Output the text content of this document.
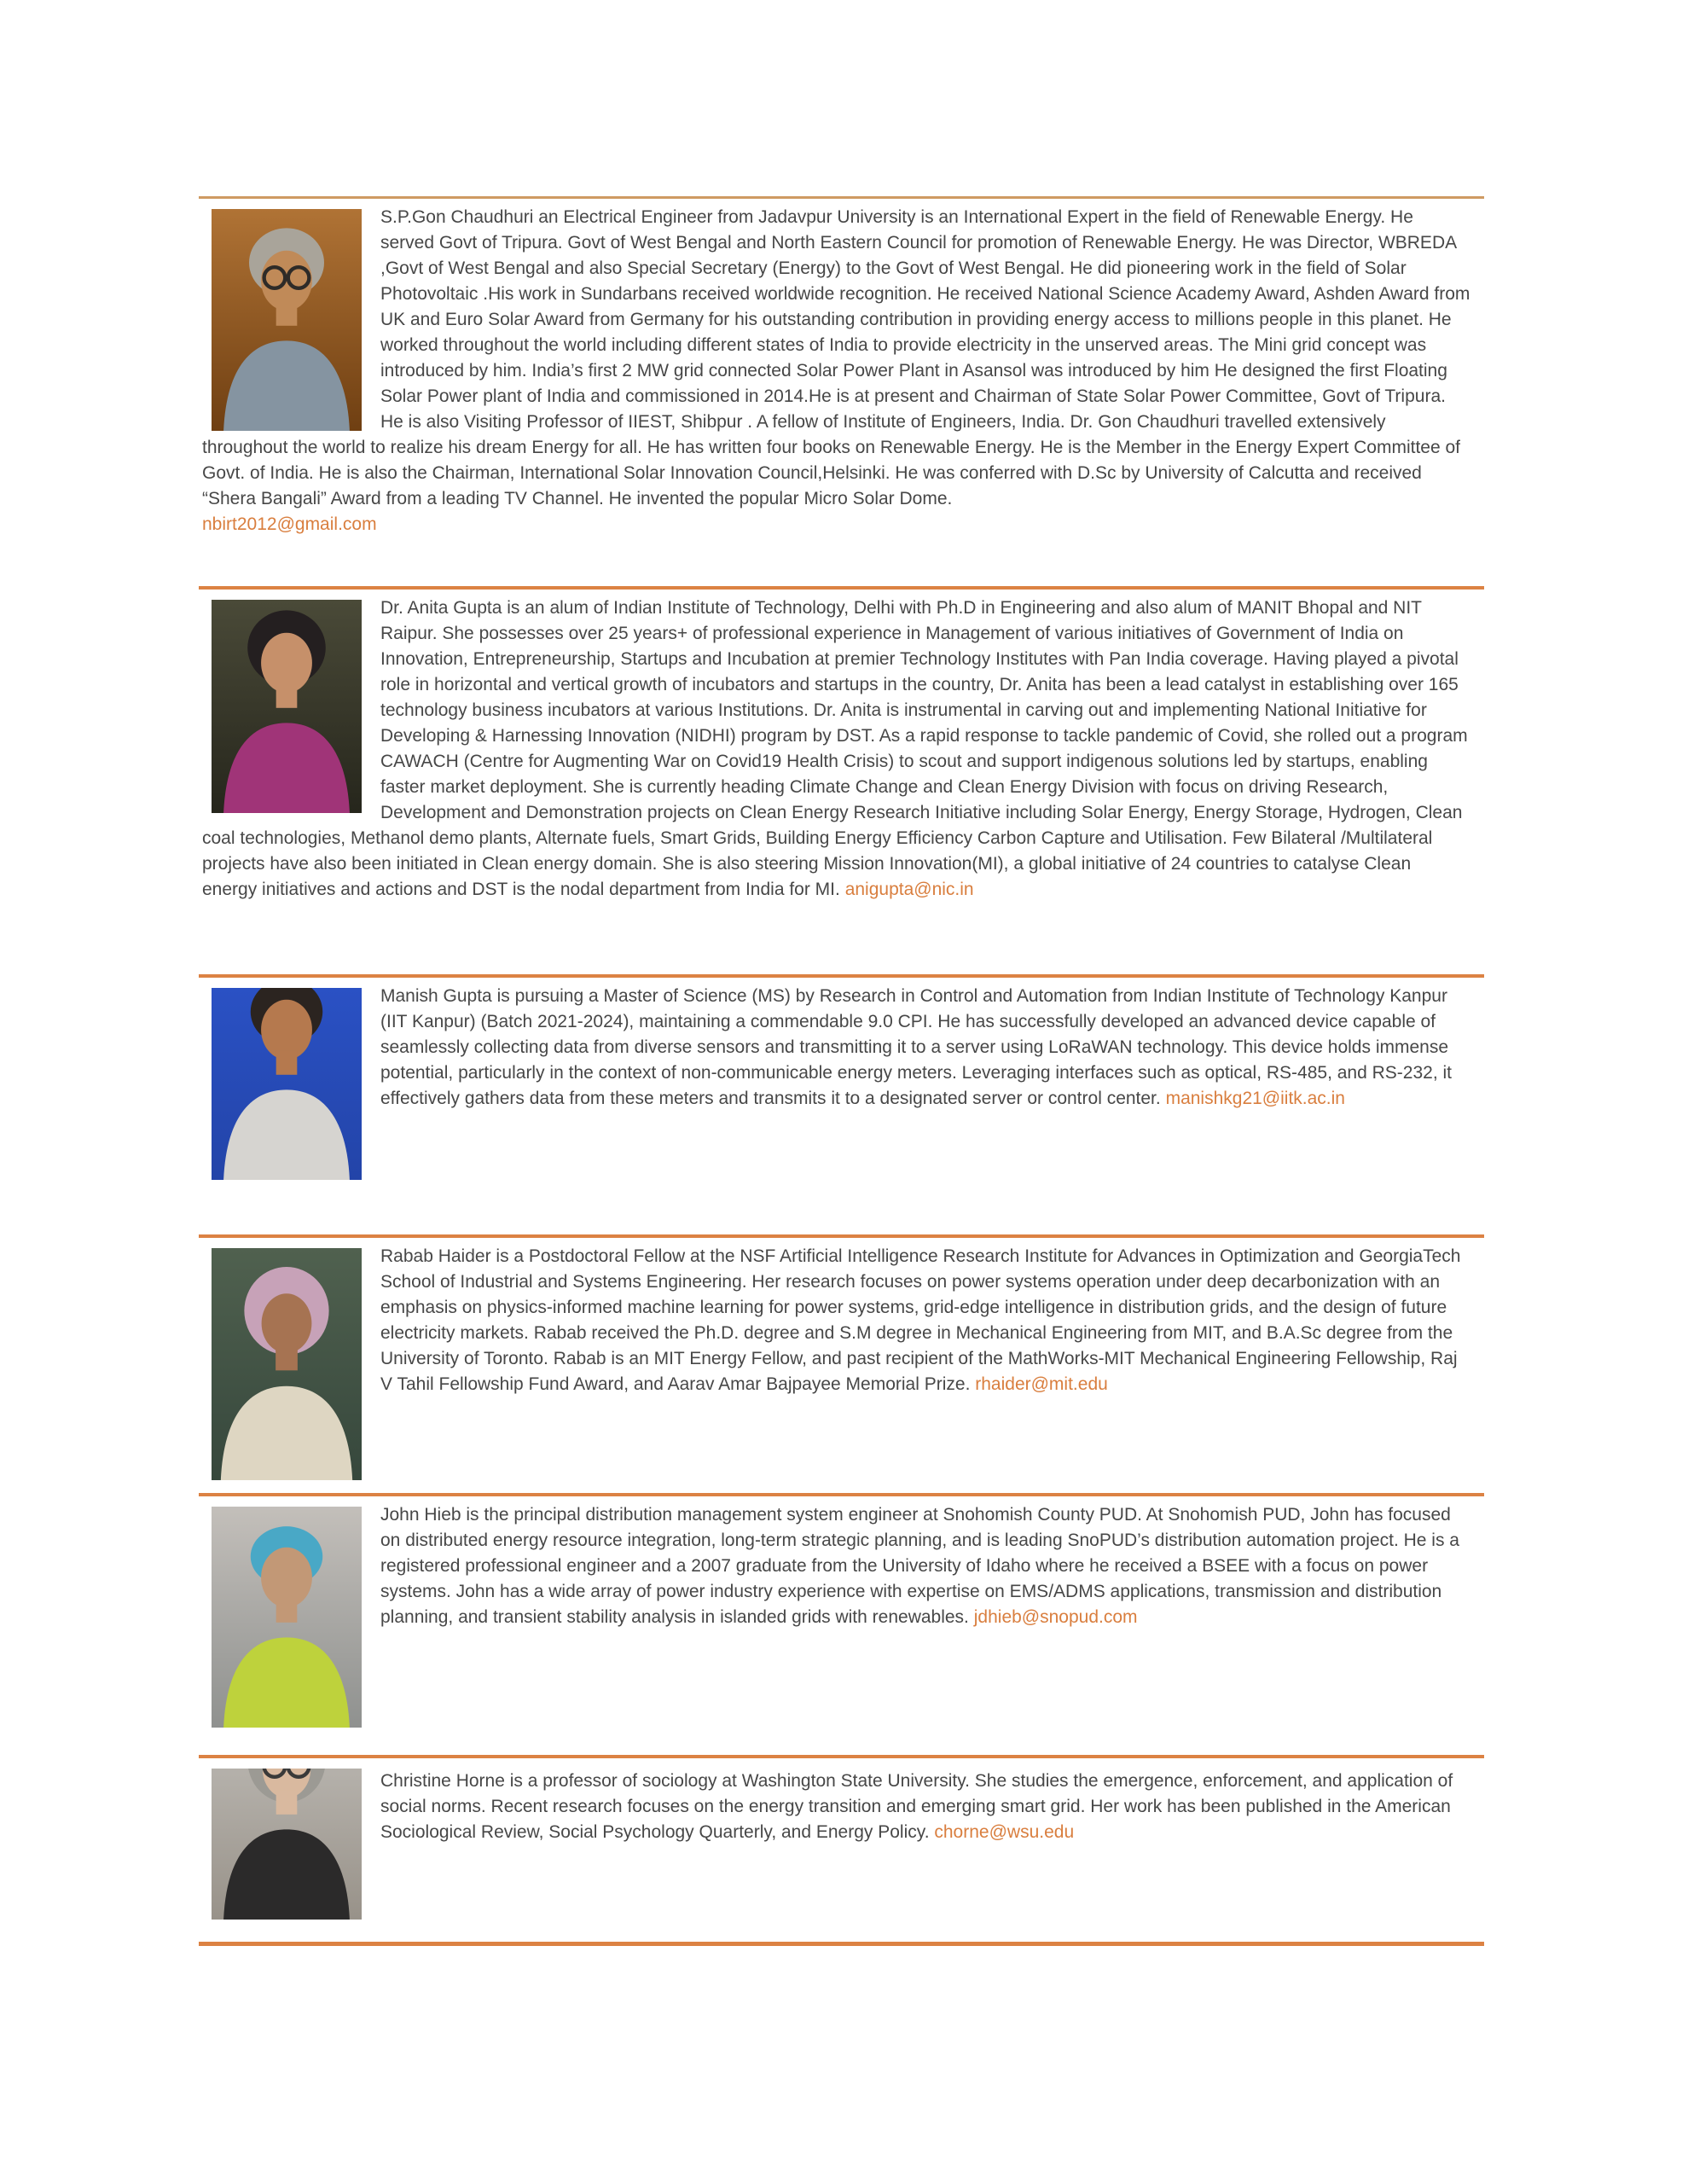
S.P.Gon Chaudhuri an Electrical Engineer from Jadavpur University is an International Expert in the field of Renewable Energy. He served Govt of Tripura. Govt of West Bengal and North Eastern Council for promotion of Renewable Energy. He was Director, WBREDA ,Govt of West Bengal and also Special Secretary (Energy) to the Govt of West Bengal. He did pioneering work in the field of Solar Photovoltaic .His work in Sundarbans received worldwide recognition. He received National Science Academy Award, Ashden Award from UK and Euro Solar Award from Germany for his outstanding contribution in providing energy access to millions people in this planet. He worked throughout the world including different states of India to provide electricity in the unserved areas. The Mini grid concept was introduced by him. India’s first 2 MW grid connected Solar Power Plant in Asansol was introduced by him He designed the first Floating Solar Power plant of India and commissioned in 2014.He is at present and Chairman of State Solar Power Committee, Govt of Tripura. He is also Visiting Professor of IIEST, Shibpur . A fellow of Institute of Engineers, India. Dr. Gon Chaudhuri travelled extensively throughout the world to realize his dream Energy for all. He has written four books on Renewable Energy. He is the Member in the Energy Expert Committee of Govt. of India. He is also the Chairman, International Solar Innovation Council,Helsinki. He was conferred with D.Sc by University of Calcutta and received “Shera Bangali” Award from a leading TV Channel. He invented the popular Micro Solar Dome.
nbirt2012@gmail.com

Dr. Anita Gupta is an alum of Indian Institute of Technology, Delhi with Ph.D in Engineering and also alum of MANIT Bhopal and NIT Raipur. She possesses over 25 years+ of professional experience in Management of various initiatives of Government of India on Innovation, Entrepreneurship, Startups and Incubation at premier Technology Institutes with Pan India coverage. Having played a pivotal role in horizontal and vertical growth of incubators and startups in the country, Dr. Anita has been a lead catalyst in establishing over 165 technology business incubators at various Institutions. Dr. Anita is instrumental in carving out and implementing National Initiative for Developing & Harnessing Innovation (NIDHI) program by DST. As a rapid response to tackle pandemic of Covid, she rolled out a program CAWACH (Centre for Augmenting War on Covid19 Health Crisis) to scout and support indigenous solutions led by startups, enabling faster market deployment. She is currently heading Climate Change and Clean Energy Division with focus on driving Research, Development and Demonstration projects on Clean Energy Research Initiative including Solar Energy, Energy Storage, Hydrogen, Clean coal technologies, Methanol demo plants, Alternate fuels, Smart Grids, Building Energy Efficiency Carbon Capture and Utilisation. Few Bilateral /Multilateral projects have also been initiated in Clean energy domain. She is also steering Mission Innovation(MI), a global initiative of 24 countries to catalyse Clean energy initiatives and actions and DST is the nodal department from India for MI. anigupta@nic.in

Manish Gupta is pursuing a Master of Science (MS) by Research in Control and Automation from Indian Institute of Technology Kanpur (IIT Kanpur) (Batch 2021-2024), maintaining a commendable 9.0 CPI. He has successfully developed an advanced device capable of seamlessly collecting data from diverse sensors and transmitting it to a server using LoRaWAN technology. This device holds immense potential, particularly in the context of non-communicable energy meters. Leveraging interfaces such as optical, RS-485, and RS-232, it effectively gathers data from these meters and transmits it to a designated server or control center. manishkg21@iitk.ac.in

Rabab Haider is a Postdoctoral Fellow at the NSF Artificial Intelligence Research Institute for Advances in Optimization and GeorgiaTech School of Industrial and Systems Engineering. Her research focuses on power systems operation under deep decarbonization with an emphasis on physics-informed machine learning for power systems, grid-edge intelligence in distribution grids, and the design of future electricity markets. Rabab received the Ph.D. degree and S.M degree in Mechanical Engineering from MIT, and B.A.Sc degree from the University of Toronto. Rabab is an MIT Energy Fellow, and past recipient of the MathWorks-MIT Mechanical Engineering Fellowship, Raj V Tahil Fellowship Fund Award, and Aarav Amar Bajpayee Memorial Prize. rhaider@mit.edu

John Hieb is the principal distribution management system engineer at Snohomish County PUD. At Snohomish PUD, John has focused on distributed energy resource integration, long-term strategic planning, and is leading SnoPUD’s distribution automation project. He is a registered professional engineer and a 2007 graduate from the University of Idaho where he received a BSEE with a focus on power systems. John has a wide array of power industry experience with expertise on EMS/ADMS applications, transmission and distribution planning, and transient stability analysis in islanded grids with renewables. jdhieb@snopud.com

Christine Horne is a professor of sociology at Washington State University. She studies the emergence, enforcement, and application of social norms. Recent research focuses on the energy transition and emerging smart grid. Her work has been published in the American Sociological Review, Social Psychology Quarterly, and Energy Policy. chorne@wsu.edu
